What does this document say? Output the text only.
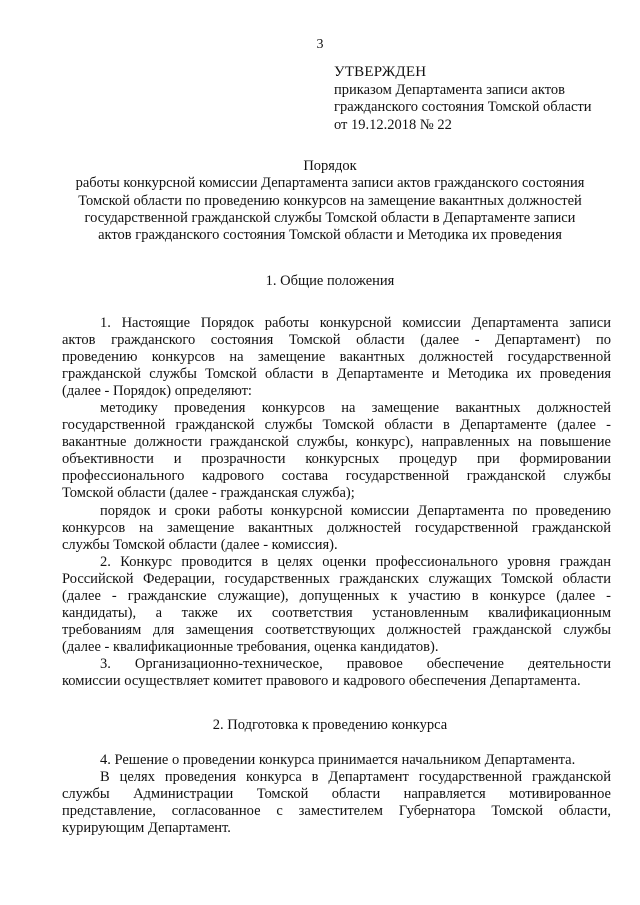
3
УТВЕРЖДЕН
приказом Департамента записи актов
гражданского состояния Томской области
от 19.12.2018 № 22
Порядок
работы конкурсной комиссии Департамента записи актов гражданского состояния
Томской области по проведению конкурсов на замещение вакантных должностей
государственной гражданской службы Томской области в Департаменте записи
актов гражданского состояния Томской области и Методика их проведения
1. Общие положения
1. Настоящие Порядок работы конкурсной комиссии Департамента записи
актов гражданского состояния Томской области (далее - Департамент) по
проведению конкурсов на замещение вакантных должностей государственной
гражданской службы Томской области в Департаменте и Методика их проведения
(далее - Порядок) определяют:
методику проведения конкурсов на замещение вакантных должностей
государственной гражданской службы Томской области в Департаменте (далее -
вакантные должности гражданской службы, конкурс), направленных на повышение
объективности и прозрачности конкурсных процедур при формировании
профессионального кадрового состава государственной гражданской службы
Томской области (далее - гражданская служба);
порядок и сроки работы конкурсной комиссии Департамента по проведению
конкурсов на замещение вакантных должностей государственной гражданской
службы Томской области (далее - комиссия).
2. Конкурс проводится в целях оценки профессионального уровня граждан
Российской Федерации, государственных гражданских служащих Томской области
(далее - гражданские служащие), допущенных к участию в конкурсе (далее -
кандидаты), а также их соответствия установленным квалификационным
требованиям для замещения соответствующих должностей гражданской службы
(далее - квалификационные требования, оценка кандидатов).
3. Организационно-техническое, правовое обеспечение деятельности
комиссии осуществляет комитет правового и кадрового обеспечения Департамента.
2. Подготовка к проведению конкурса
4. Решение о проведении конкурса принимается начальником Департамента.
В целях проведения конкурса в Департамент государственной гражданской
службы Администрации Томской области направляется мотивированное
представление, согласованное с заместителем Губернатора Томской области,
курирующим Департамент.
